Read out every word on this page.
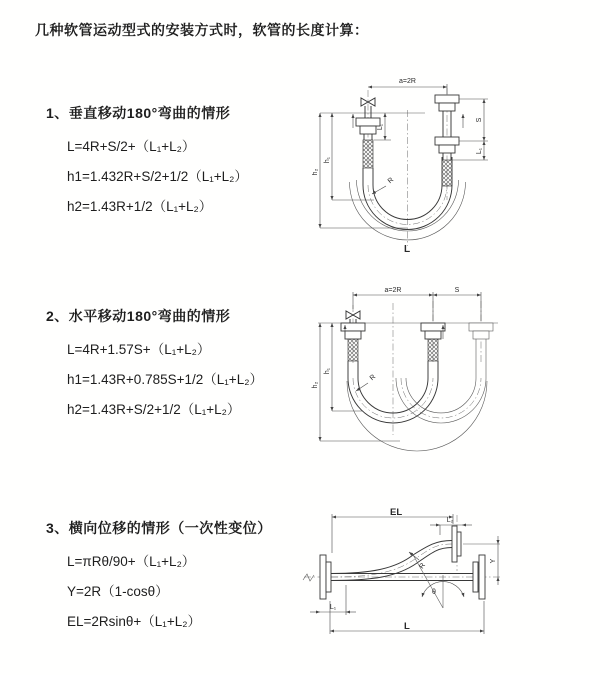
几种软管运动型式的安装方式时，软管的长度计算：

1、垂直移动180°弯曲的情形

L=4R+S/2+（L₁+L₂）

h1=1.432R+S/2+1/2（L₁+L₂）

h2=1.43R+1/2（L₁+L₂）

2、水平移动180°弯曲的情形

L=4R+1.57S+（L₁+L₂）

h1=1.43R+0.785S+1/2（L₁+L₂）

h2=1.43R+S/2+1/2（L₁+L₂）

3、横向位移的情形（一次性变位）

L=πRθ/90+（L₁+L₂）

Y=2R（1-cosθ）

EL=2Rsinθ+（L₁+L₂）

a=2R
h₁
h₂
L₁
S
L₁
R
L
a=2R	S
h₁
h₂
R
EL
L₂
Y
R
θ
L
L₁
